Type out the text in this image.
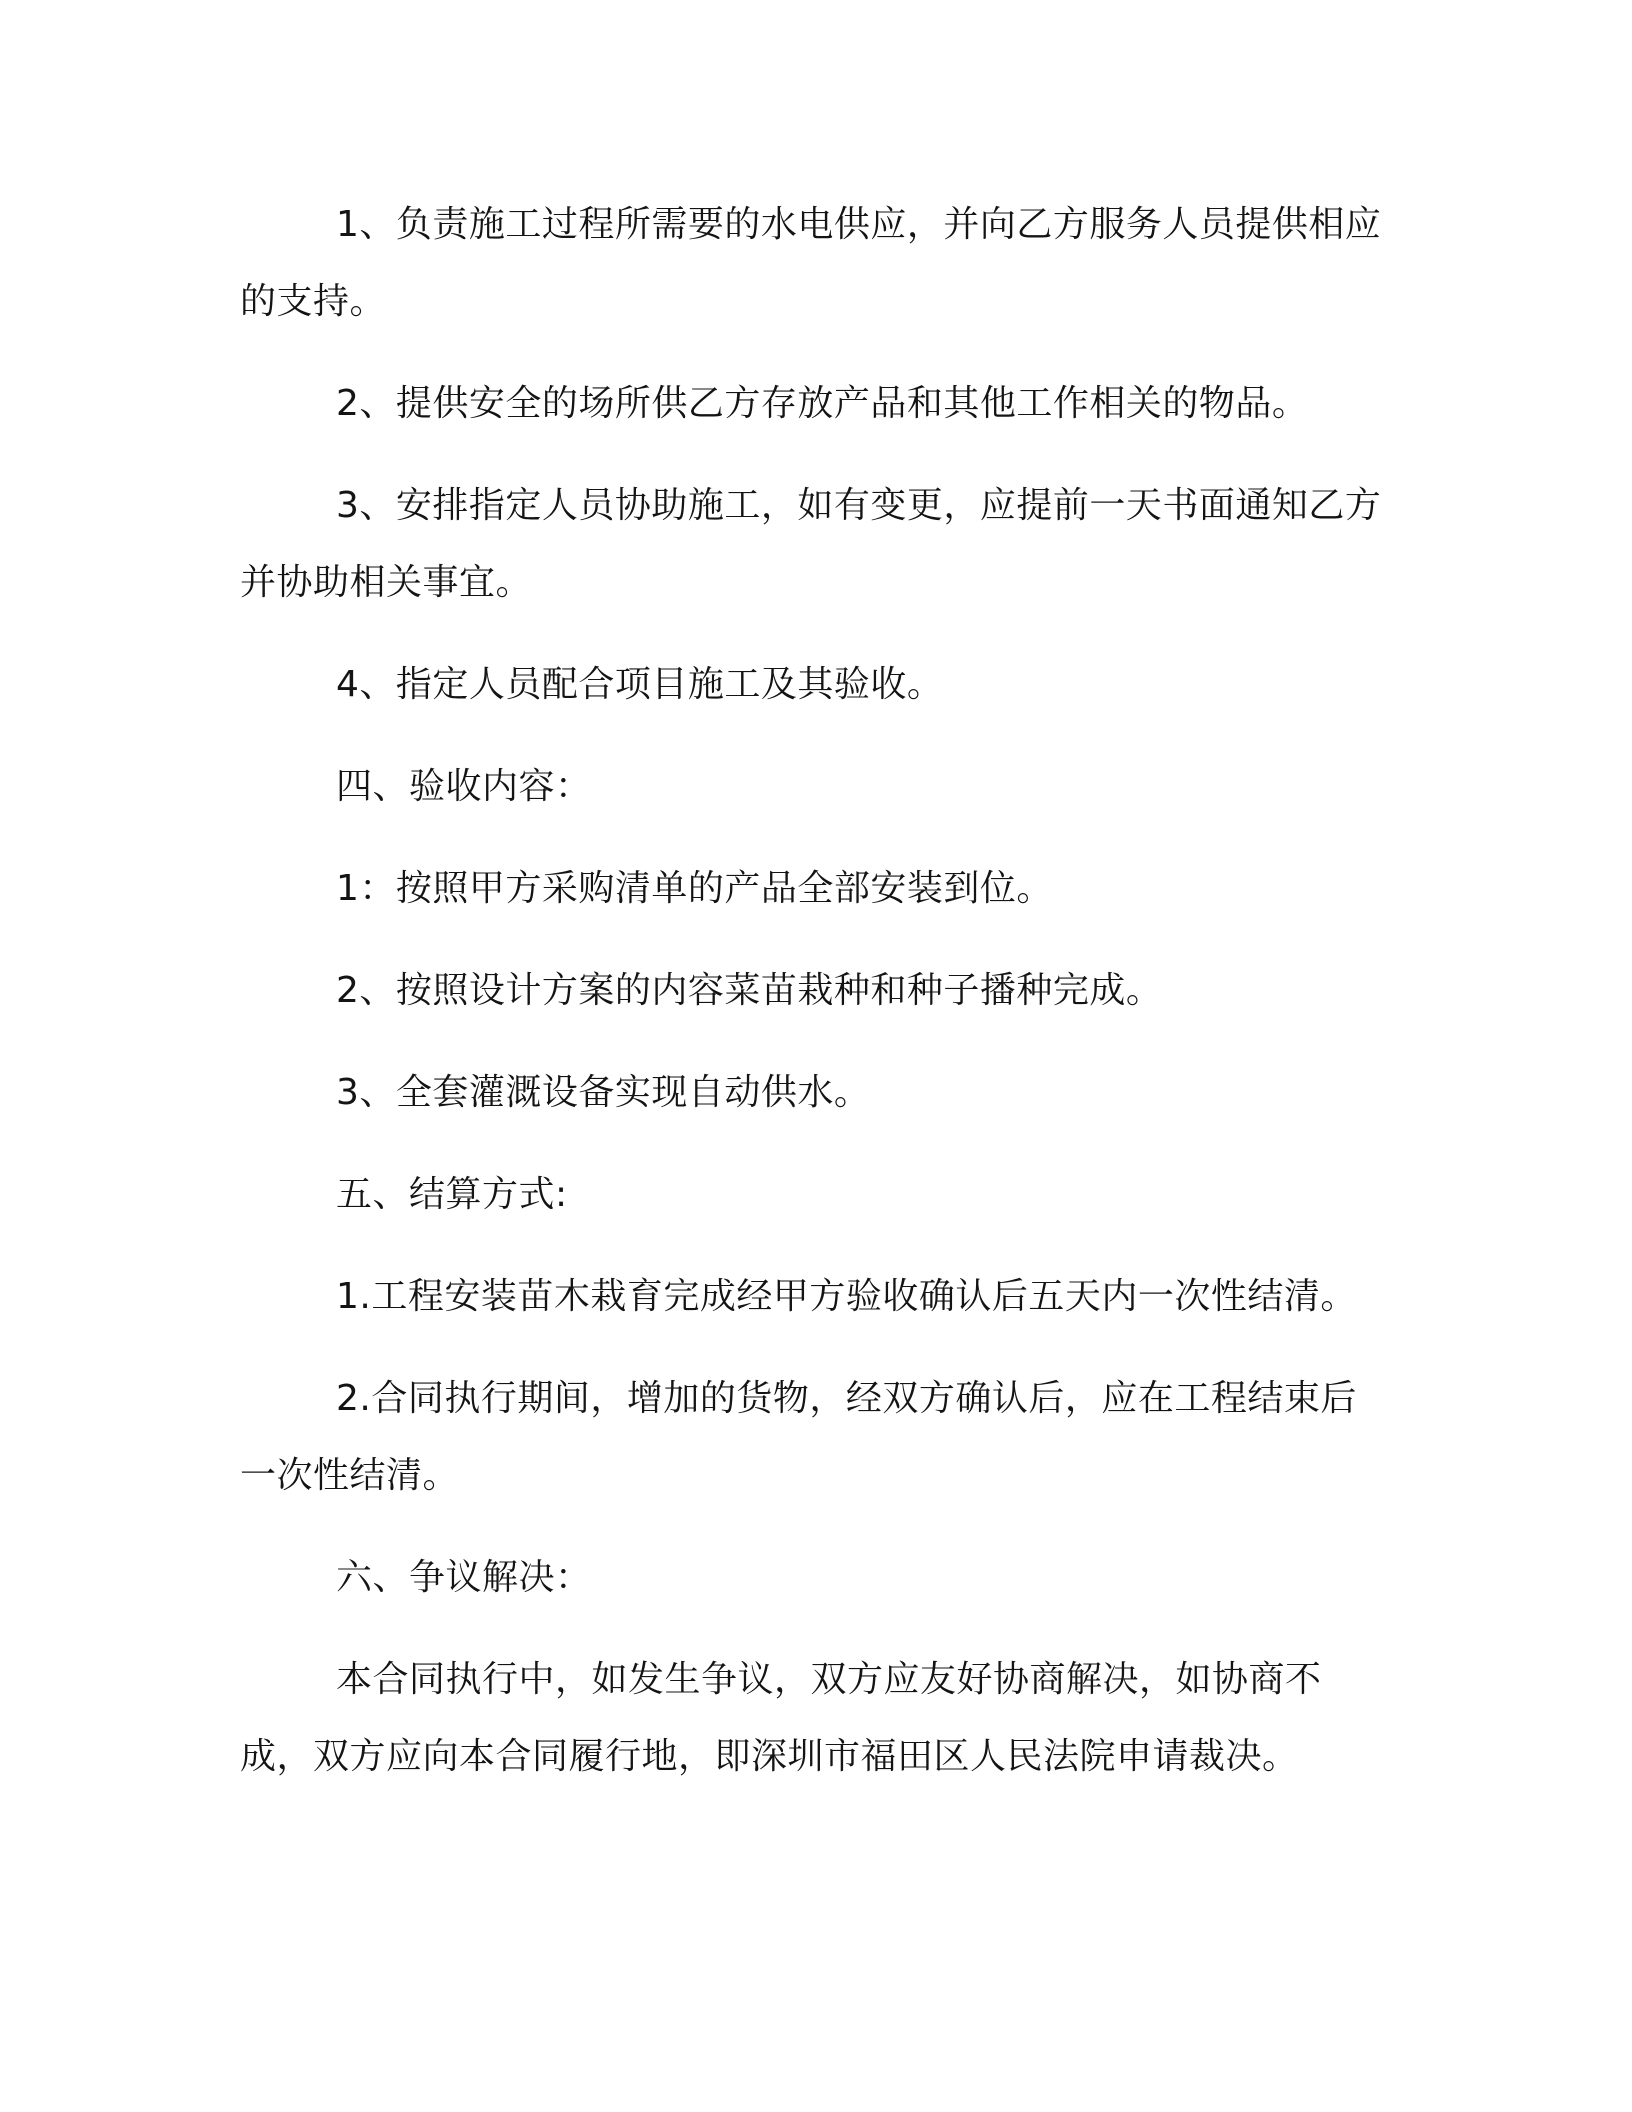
1、负责施工过程所需要的水电供应，并向乙方服务人员提供相应的支持。

2、提供安全的场所供乙方存放产品和其他工作相关的物品。

3、安排指定人员协助施工，如有变更，应提前一天书面通知乙方并协助相关事宜。

4、指定人员配合项目施工及其验收。

四、验收内容：

1：按照甲方采购清单的产品全部安装到位。

2、按照设计方案的内容菜苗栽种和种子播种完成。

3、全套灌溉设备实现自动供水。

五、结算方式:

1.工程安装苗木栽育完成经甲方验收确认后五天内一次性结清。

2.合同执行期间，增加的货物，经双方确认后，应在工程结束后一次性结清。

六、争议解决：

本合同执行中，如发生争议，双方应友好协商解决，如协商不成，双方应向本合同履行地，即深圳市福田区人民法院申请裁决。
